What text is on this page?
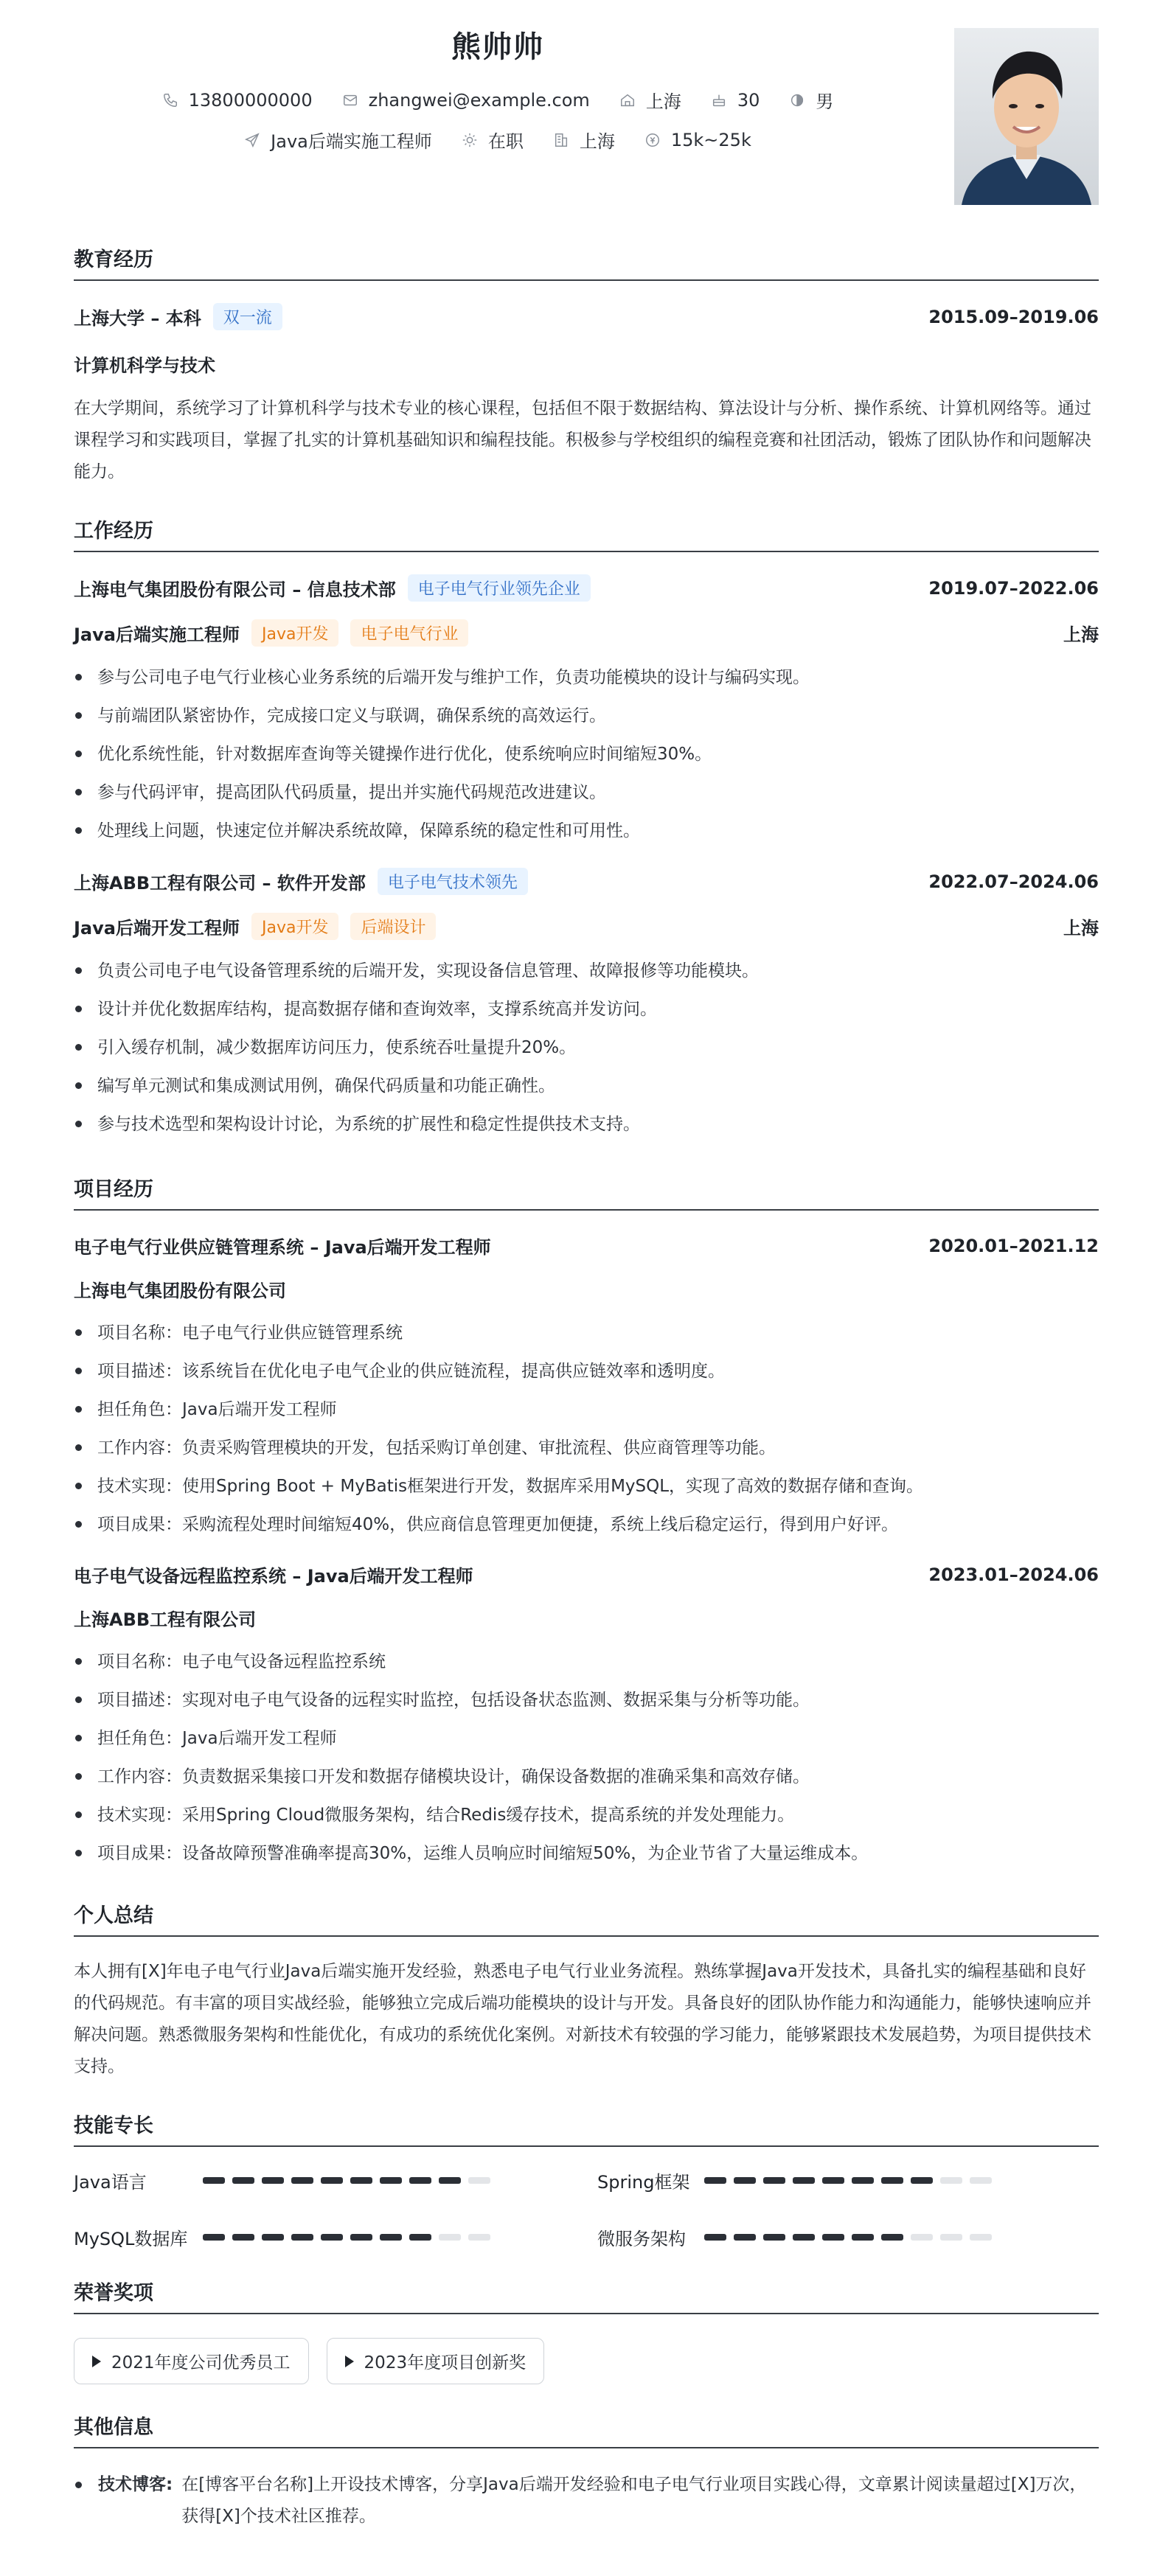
熊帅帅
13800000000	zhangwei@example.com	上海	30	男
Java后端实施工程师	在职	上海	15k~25k
教育经历
上海大学 – 本科	双一流	2015.09–2019.06
计算机科学与技术
在大学期间，系统学习了计算机科学与技术专业的核心课程，包括但不限于数据结构、算法设计与分析、操作系统、计算机网络等。通过课程学习和实践项目，掌握了扎实的计算机基础知识和编程技能。积极参与学校组织的编程竞赛和社团活动，锻炼了团队协作和问题解决能力。
工作经历
上海电气集团股份有限公司 – 信息技术部	电子电气行业领先企业	2019.07–2022.06
Java后端实施工程师	Java开发	电子电气行业	上海
参与公司电子电气行业核心业务系统的后端开发与维护工作，负责功能模块的设计与编码实现。
与前端团队紧密协作，完成接口定义与联调，确保系统的高效运行。
优化系统性能，针对数据库查询等关键操作进行优化，使系统响应时间缩短30%。
参与代码评审，提高团队代码质量，提出并实施代码规范改进建议。
处理线上问题，快速定位并解决系统故障，保障系统的稳定性和可用性。
上海ABB工程有限公司 – 软件开发部	电子电气技术领先	2022.07–2024.06
Java后端开发工程师	Java开发	后端设计	上海
负责公司电子电气设备管理系统的后端开发，实现设备信息管理、故障报修等功能模块。
设计并优化数据库结构，提高数据存储和查询效率，支撑系统高并发访问。
引入缓存机制，减少数据库访问压力，使系统吞吐量提升20%。
编写单元测试和集成测试用例，确保代码质量和功能正确性。
参与技术选型和架构设计讨论，为系统的扩展性和稳定性提供技术支持。
项目经历
电子电气行业供应链管理系统 – Java后端开发工程师	2020.01–2021.12
上海电气集团股份有限公司
项目名称：电子电气行业供应链管理系统
项目描述：该系统旨在优化电子电气企业的供应链流程，提高供应链效率和透明度。
担任角色：Java后端开发工程师
工作内容：负责采购管理模块的开发，包括采购订单创建、审批流程、供应商管理等功能。
技术实现：使用Spring Boot + MyBatis框架进行开发，数据库采用MySQL，实现了高效的数据存储和查询。
项目成果：采购流程处理时间缩短40%，供应商信息管理更加便捷，系统上线后稳定运行，得到用户好评。
电子电气设备远程监控系统 – Java后端开发工程师	2023.01–2024.06
上海ABB工程有限公司
项目名称：电子电气设备远程监控系统
项目描述：实现对电子电气设备的远程实时监控，包括设备状态监测、数据采集与分析等功能。
担任角色：Java后端开发工程师
工作内容：负责数据采集接口开发和数据存储模块设计，确保设备数据的准确采集和高效存储。
技术实现：采用Spring Cloud微服务架构，结合Redis缓存技术，提高系统的并发处理能力。
项目成果：设备故障预警准确率提高30%，运维人员响应时间缩短50%，为企业节省了大量运维成本。
个人总结
本人拥有[X]年电子电气行业Java后端实施开发经验，熟悉电子电气行业业务流程。熟练掌握Java开发技术，具备扎实的编程基础和良好的代码规范。有丰富的项目实战经验，能够独立完成后端功能模块的设计与开发。具备良好的团队协作能力和沟通能力，能够快速响应并解决问题。熟悉微服务架构和性能优化，有成功的系统优化案例。对新技术有较强的学习能力，能够紧跟技术发展趋势，为项目提供技术支持。
技能专长
Java语言	Spring框架
MySQL数据库	微服务架构
荣誉奖项
2021年度公司优秀员工	2023年度项目创新奖
其他信息
技术博客: 在[博客平台名称]上开设技术博客，分享Java后端开发经验和电子电气行业项目实践心得，文章累计阅读量超过[X]万次，获得[X]个技术社区推荐。
